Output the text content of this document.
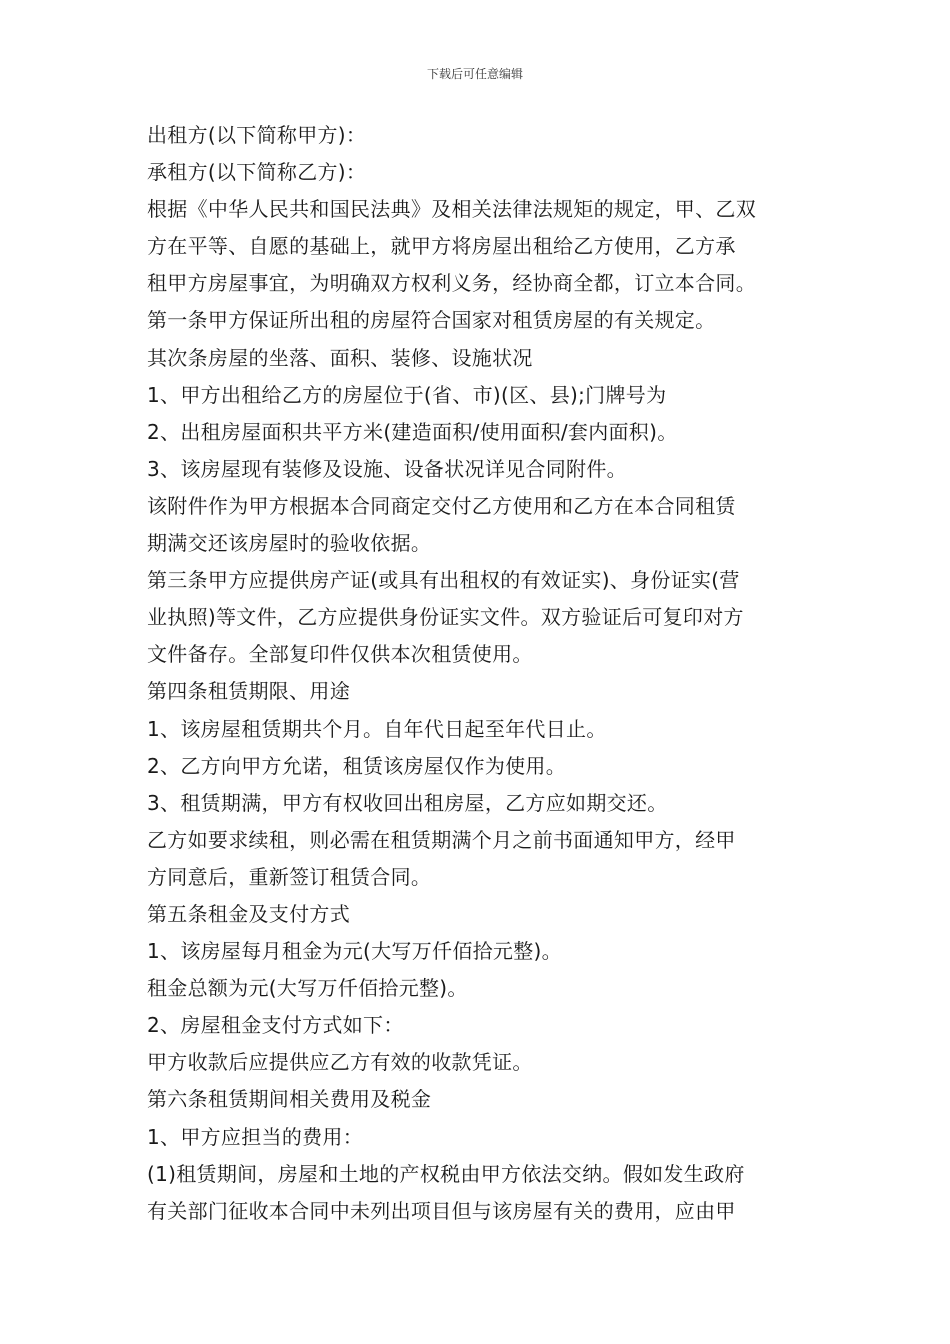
下载后可任意编辑
出租方(以下简称甲方)：
承租方(以下简称乙方)：
根据《中华人民共和国民法典》及相关法律法规矩的规定，甲、乙双
方在平等、自愿的基础上，就甲方将房屋出租给乙方使用，乙方承
租甲方房屋事宜，为明确双方权利义务，经协商全都，订立本合同。
第一条甲方保证所出租的房屋符合国家对租赁房屋的有关规定。
其次条房屋的坐落、面积、装修、设施状况
1、甲方出租给乙方的房屋位于(省、市)(区、县);门牌号为
2、出租房屋面积共平方米(建造面积/使用面积/套内面积)。
3、该房屋现有装修及设施、设备状况详见合同附件。
该附件作为甲方根据本合同商定交付乙方使用和乙方在本合同租赁
期满交还该房屋时的验收依据。
第三条甲方应提供房产证(或具有出租权的有效证实)、身份证实(营
业执照)等文件，乙方应提供身份证实文件。双方验证后可复印对方
文件备存。全部复印件仅供本次租赁使用。
第四条租赁期限、用途
1、该房屋租赁期共个月。自年代日起至年代日止。
2、乙方向甲方允诺，租赁该房屋仅作为使用。
3、租赁期满，甲方有权收回出租房屋，乙方应如期交还。
乙方如要求续租，则必需在租赁期满个月之前书面通知甲方，经甲
方同意后，重新签订租赁合同。
第五条租金及支付方式
1、该房屋每月租金为元(大写万仟佰拾元整)。
租金总额为元(大写万仟佰拾元整)。
2、房屋租金支付方式如下：
甲方收款后应提供应乙方有效的收款凭证。
第六条租赁期间相关费用及税金
1、甲方应担当的费用：
(1)租赁期间，房屋和土地的产权税由甲方依法交纳。假如发生政府
有关部门征收本合同中未列出项目但与该房屋有关的费用，应由甲
